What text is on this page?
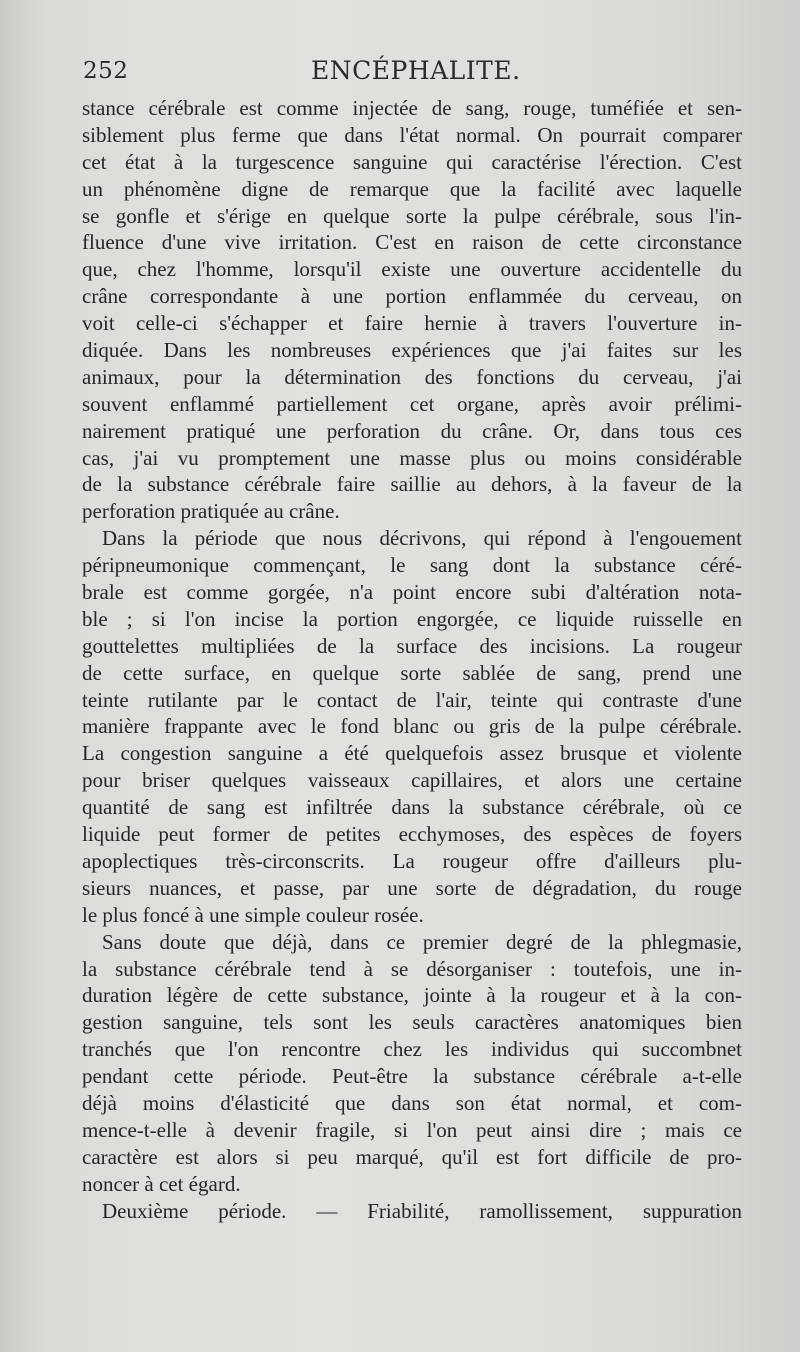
252	ENCÉPHALITE.
stance cérébrale est comme injectée de sang, rouge, tuméfiée et sen-
siblement plus ferme que dans l'état normal. On pourrait comparer
cet état à la turgescence sanguine qui caractérise l'érection. C'est
un phénomène digne de remarque que la facilité avec laquelle
se gonfle et s'érige en quelque sorte la pulpe cérébrale, sous l'in-
fluence d'une vive irritation. C'est en raison de cette circonstance
que, chez l'homme, lorsqu'il existe une ouverture accidentelle du
crâne correspondante à une portion enflammée du cerveau, on
voit celle-ci s'échapper et faire hernie à travers l'ouverture in-
diquée. Dans les nombreuses expériences que j'ai faites sur les
animaux, pour la détermination des fonctions du cerveau, j'ai
souvent enflammé partiellement cet organe, après avoir prélimi-
nairement pratiqué une perforation du crâne. Or, dans tous ces
cas, j'ai vu promptement une masse plus ou moins considérable
de la substance cérébrale faire saillie au dehors, à la faveur de la
perforation pratiquée au crâne.
Dans la période que nous décrivons, qui répond à l'engouement
péripneumonique commençant, le sang dont la substance céré-
brale est comme gorgée, n'a point encore subi d'altération nota-
ble ; si l'on incise la portion engorgée, ce liquide ruisselle en
gouttelettes multipliées de la surface des incisions. La rougeur
de cette surface, en quelque sorte sablée de sang, prend une
teinte rutilante par le contact de l'air, teinte qui contraste d'une
manière frappante avec le fond blanc ou gris de la pulpe cérébrale.
La congestion sanguine a été quelquefois assez brusque et violente
pour briser quelques vaisseaux capillaires, et alors une certaine
quantité de sang est infiltrée dans la substance cérébrale, où ce
liquide peut former de petites ecchymoses, des espèces de foyers
apoplectiques très-circonscrits. La rougeur offre d'ailleurs plu-
sieurs nuances, et passe, par une sorte de dégradation, du rouge
le plus foncé à une simple couleur rosée.
Sans doute que déjà, dans ce premier degré de la phlegmasie,
la substance cérébrale tend à se désorganiser : toutefois, une in-
duration légère de cette substance, jointe à la rougeur et à la con-
gestion sanguine, tels sont les seuls caractères anatomiques bien
tranchés que l'on rencontre chez les individus qui succombnet
pendant cette période. Peut-être la substance cérébrale a-t-elle
déjà moins d'élasticité que dans son état normal, et com-
mence-t-elle à devenir fragile, si l'on peut ainsi dire ; mais ce
caractère est alors si peu marqué, qu'il est fort difficile de pro-
noncer à cet égard.
Deuxième période. — Friabilité, ramollissement, suppuration
